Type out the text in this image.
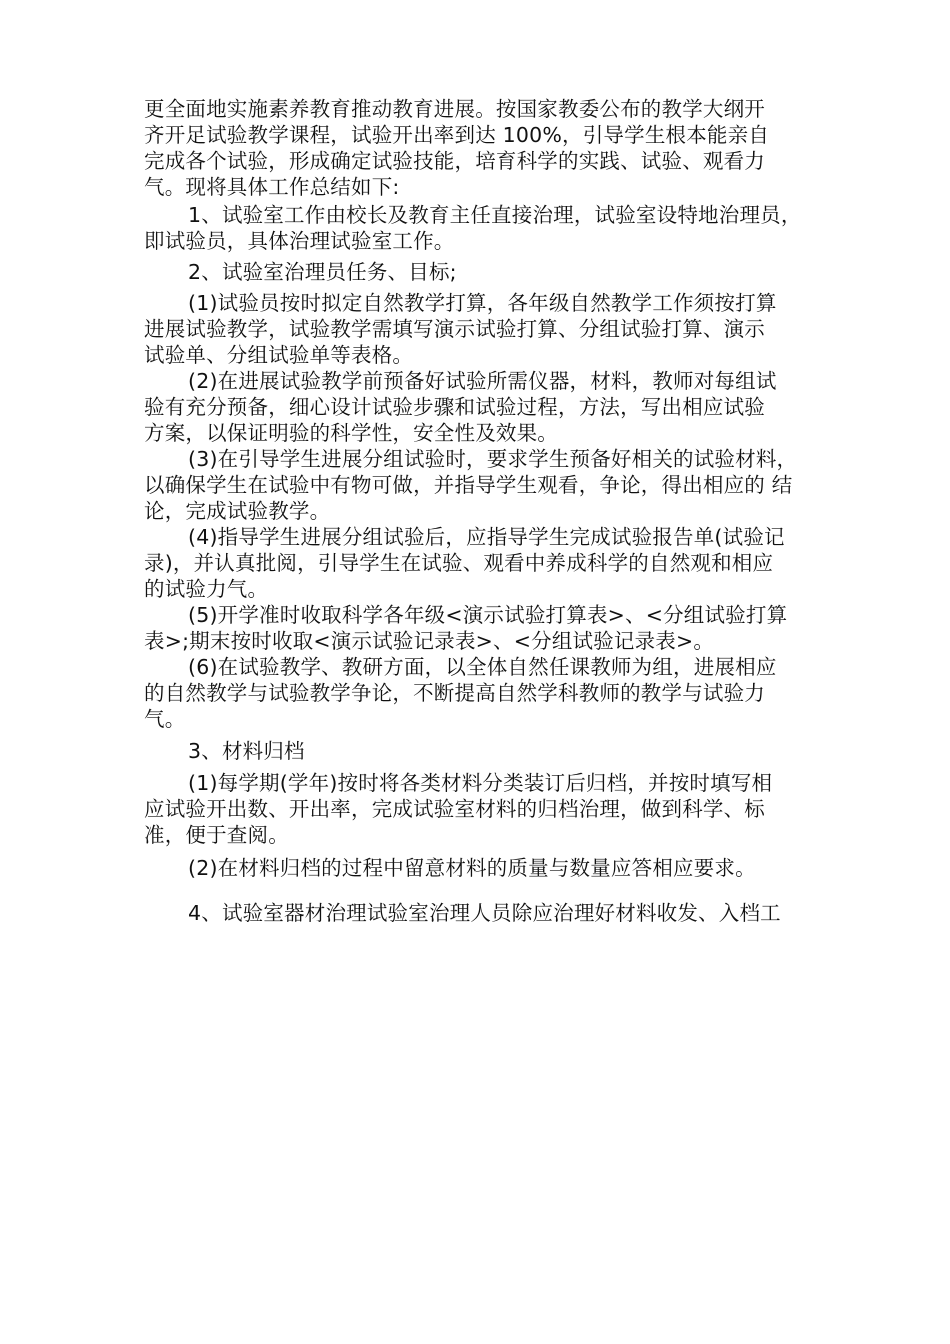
更全面地实施素养教育推动教育进展。按国家教委公布的教学大纲开
齐开足试验教学课程，试验开出率到达 100%，引导学生根本能亲自
完成各个试验，形成确定试验技能，培育科学的实践、试验、观看力
气。现将具体工作总结如下:
1、试验室工作由校长及教育主任直接治理，试验室设特地治理员，
即试验员，具体治理试验室工作。
2、试验室治理员任务、目标;
(1)试验员按时拟定自然教学打算，各年级自然教学工作须按打算
进展试验教学，试验教学需填写演示试验打算、分组试验打算、演示
试验单、分组试验单等表格。
(2)在进展试验教学前预备好试验所需仪器，材料，教师对每组试
验有充分预备，细心设计试验步骤和试验过程，方法，写出相应试验
方案，以保证明验的科学性，安全性及效果。
(3)在引导学生进展分组试验时，要求学生预备好相关的试验材料，
以确保学生在试验中有物可做，并指导学生观看，争论，得出相应的 结
论，完成试验教学。
(4)指导学生进展分组试验后，应指导学生完成试验报告单(试验记
录)，并认真批阅，引导学生在试验、观看中养成科学的自然观和相应
的试验力气。
(5)开学准时收取科学各年级<演示试验打算表>、<分组试验打算
表>;期末按时收取<演示试验记录表>、<分组试验记录表>。
(6)在试验教学、教研方面，以全体自然任课教师为组，进展相应
的自然教学与试验教学争论，不断提高自然学科教师的教学与试验力
气。
3、材料归档
(1)每学期(学年)按时将各类材料分类装订后归档，并按时填写相
应试验开出数、开出率，完成试验室材料的归档治理，做到科学、标
准，便于查阅。
(2)在材料归档的过程中留意材料的质量与数量应答相应要求。
4、试验室器材治理试验室治理人员除应治理好材料收发、入档工
